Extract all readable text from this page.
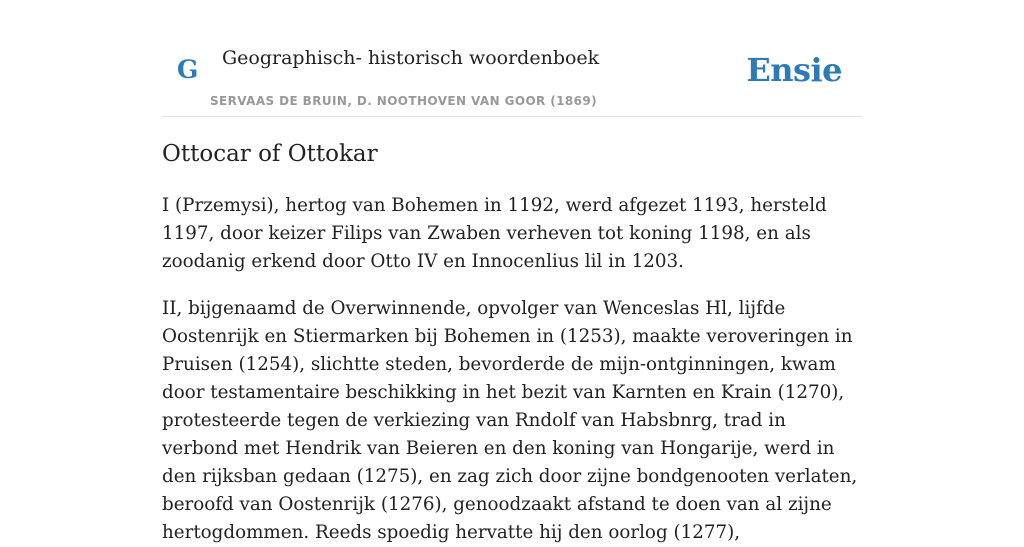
G Geographisch- historisch woordenboek
SERVAAS DE BRUIN, D. NOOTHOVEN VAN GOOR (1869)
Ensie
Ottocar of Ottokar

I (Przemysi), hertog van Bohemen in 1192, werd afgezet 1193, hersteld 1197, door keizer Filips van Zwaben verheven tot koning 1198, en als zoodanig erkend door Otto IV en Innocenlius lil in 1203.

II, bijgenaamd de Overwinnende, opvolger van Wenceslas Hl, lijfde Oostenrijk en Stiermarken bij Bohemen in (1253), maakte veroveringen in Pruisen (1254), slichtte steden, bevorderde de mijn-ontginningen, kwam door testamentaire beschikking in het bezit van Karnten en Krain (1270), protesteerde tegen de verkiezing van Rndolf van Habsbnrg, trad in verbond met Hendrik van Beieren en den koning van Hongarije, werd in den rijksban gedaan (1275), en zag zich door zijne bondgenooten verlaten, beroofd van Oostenrijk (1276), genoodzaakt afstand te doen van al zijne hertogdommen. Reeds spoedig hervatte hij den oorlog (1277),
